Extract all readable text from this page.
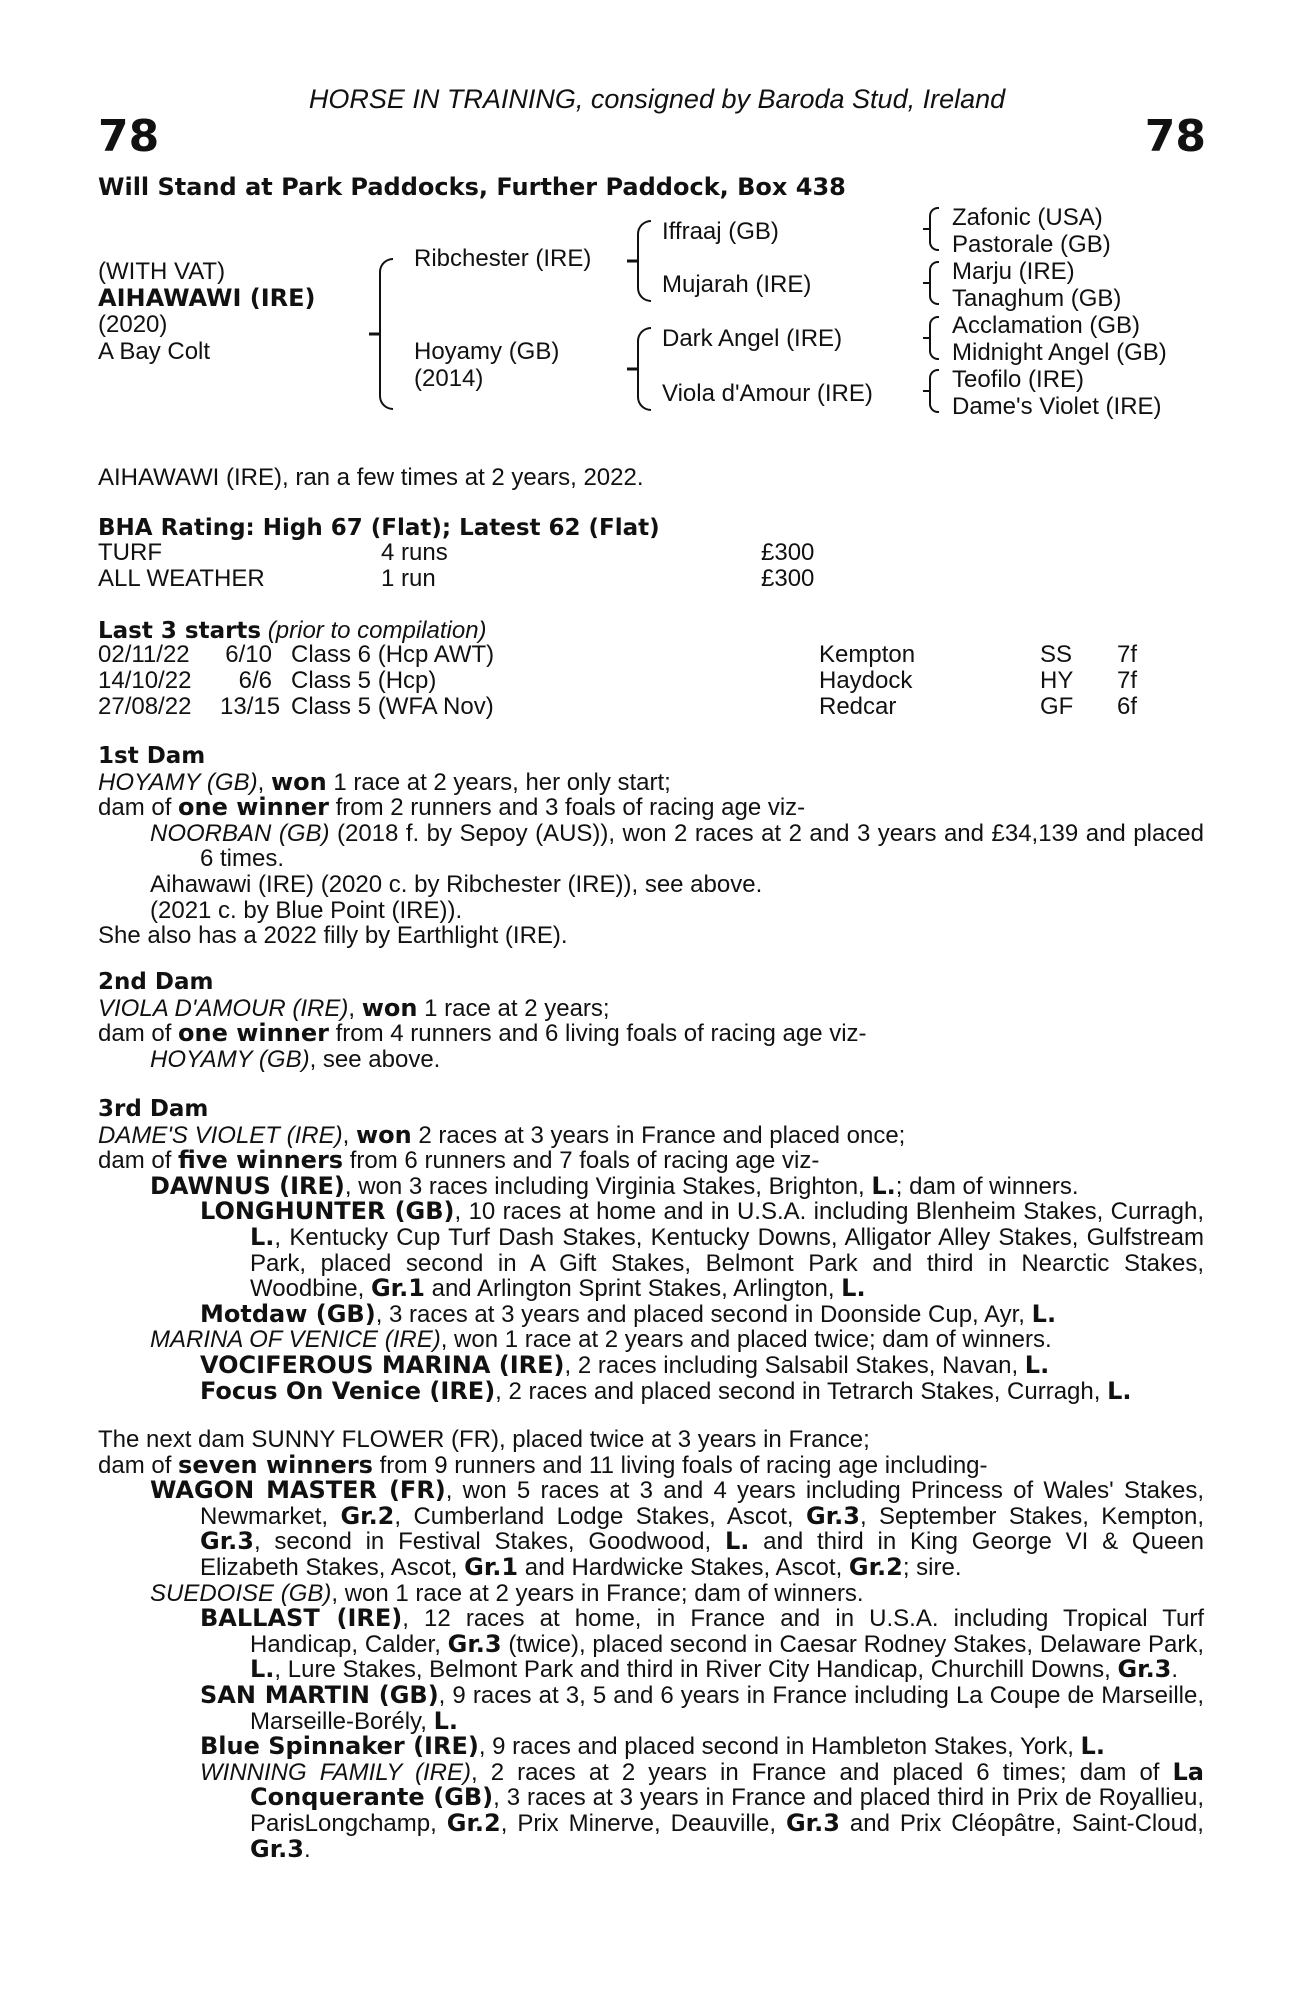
HORSE IN TRAINING, consigned by Baroda Stud, Ireland
78	78
Will Stand at Park Paddocks, Further Paddock, Box 438
(WITH VAT)
AIHAWAWI (IRE)
(2020)
A Bay Colt
Ribchester (IRE)
Hoyamy (GB)
(2014)
Iffraaj (GB)
Mujarah (IRE)
Dark Angel (IRE)
Viola d'Amour (IRE)
Zafonic (USA)
Pastorale (GB)
Marju (IRE)
Tanaghum (GB)
Acclamation (GB)
Midnight Angel (GB)
Teofilo (IRE)
Dame's Violet (IRE)
AIHAWAWI (IRE), ran a few times at 2 years, 2022.
BHA Rating: High 67 (Flat); Latest 62 (Flat)
TURF	4 runs	£300
ALL WEATHER	1 run	£300
Last 3 starts (prior to compilation)
02/11/22 6/10 Class 6 (Hcp AWT)	Kempton	SS 7f
14/10/22	6/6 Class 5 (Hcp)	Haydock	HY 7f
27/08/22 13/15 Class 5 (WFA Nov)	Redcar	GF 6f

1st Dam

HOYAMY (GB), won 1 race at 2 years, her only start;

dam of one winner from 2 runners and 3 foals of racing age viz-

NOORBAN (GB) (2018 f. by Sepoy (AUS)), won 2 races at 2 and 3 years and £34,139 and placed 6 times.

Aihawawi (IRE) (2020 c. by Ribchester (IRE)), see above.

(2021 c. by Blue Point (IRE)).

She also has a 2022 filly by Earthlight (IRE).

2nd Dam

VIOLA D'AMOUR (IRE), won 1 race at 2 years;

dam of one winner from 4 runners and 6 living foals of racing age viz-

HOYAMY (GB), see above.

3rd Dam

DAME'S VIOLET (IRE), won 2 races at 3 years in France and placed once;

dam of five winners from 6 runners and 7 foals of racing age viz-

DAWNUS (IRE), won 3 races including Virginia Stakes, Brighton, L.; dam of winners.

LONGHUNTER (GB), 10 races at home and in U.S.A. including Blenheim Stakes, Curragh, L., Kentucky Cup Turf Dash Stakes, Kentucky Downs, Alligator Alley Stakes, Gulfstream Park, placed second in A Gift Stakes, Belmont Park and third in Nearctic Stakes, Woodbine, Gr.1 and Arlington Sprint Stakes, Arlington, L.

Motdaw (GB), 3 races at 3 years and placed second in Doonside Cup, Ayr, L.

MARINA OF VENICE (IRE), won 1 race at 2 years and placed twice; dam of winners.

VOCIFEROUS MARINA (IRE), 2 races including Salsabil Stakes, Navan, L.

Focus On Venice (IRE), 2 races and placed second in Tetrarch Stakes, Curragh, L.

The next dam SUNNY FLOWER (FR), placed twice at 3 years in France;

dam of seven winners from 9 runners and 11 living foals of racing age including-

WAGON MASTER (FR), won 5 races at 3 and 4 years including Princess of Wales' Stakes, Newmarket, Gr.2, Cumberland Lodge Stakes, Ascot, Gr.3, September Stakes, Kempton, Gr.3, second in Festival Stakes, Goodwood, L. and third in King George VI & Queen Elizabeth Stakes, Ascot, Gr.1 and Hardwicke Stakes, Ascot, Gr.2; sire.

SUEDOISE (GB), won 1 race at 2 years in France; dam of winners.

BALLAST (IRE), 12 races at home, in France and in U.S.A. including Tropical Turf Handicap, Calder, Gr.3 (twice), placed second in Caesar Rodney Stakes, Delaware Park, L., Lure Stakes, Belmont Park and third in River City Handicap, Churchill Downs, Gr.3.

SAN MARTIN (GB), 9 races at 3, 5 and 6 years in France including La Coupe de Marseille, Marseille-Borély, L.

Blue Spinnaker (IRE), 9 races and placed second in Hambleton Stakes, York, L.

WINNING FAMILY (IRE), 2 races at 2 years in France and placed 6 times; dam of La Conquerante (GB), 3 races at 3 years in France and placed third in Prix de Royallieu, ParisLongchamp, Gr.2, Prix Minerve, Deauville, Gr.3 and Prix Cléopâtre, Saint-Cloud, Gr.3.
